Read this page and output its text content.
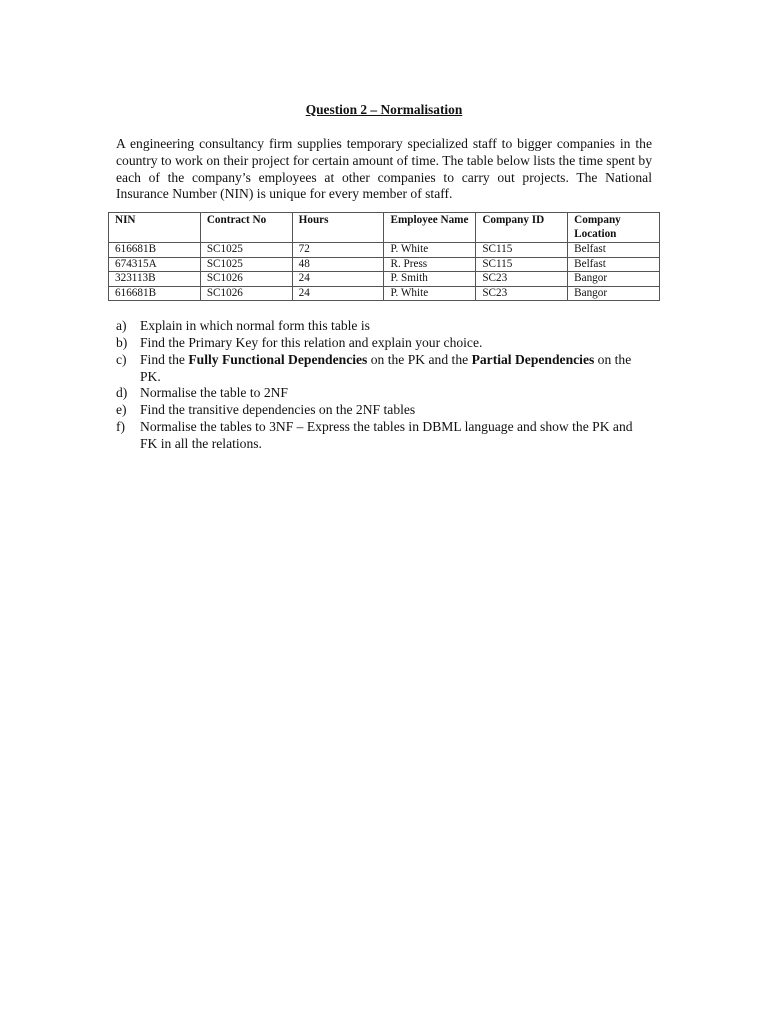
Question 2 – Normalisation

A engineering consultancy firm supplies temporary specialized staff to bigger companies in the country to work on their project for certain amount of time. The table below lists the time spent by each of the company’s employees at other companies to carry out projects. The National Insurance Number (NIN) is unique for every member of staff.

NIN	Contract No	Hours	Employee Name	Company ID	Company Location
616681B	SC1025	72	P. White	SC115	Belfast
674315A	SC1025	48	R. Press	SC115	Belfast
323113B	SC1026	24	P. Smith	SC23	Bangor
616681B	SC1026	24	P. White	SC23	Bangor
a) Explain in which normal form this table is
b) Find the Primary Key for this relation and explain your choice.
c) Find the Fully Functional Dependencies on the PK and the Partial Dependencies on the PK.
d) Normalise the table to 2NF
e) Find the transitive dependencies on the 2NF tables
f) Normalise the tables to 3NF – Express the tables in DBML language and show the PK and FK in all the relations.
